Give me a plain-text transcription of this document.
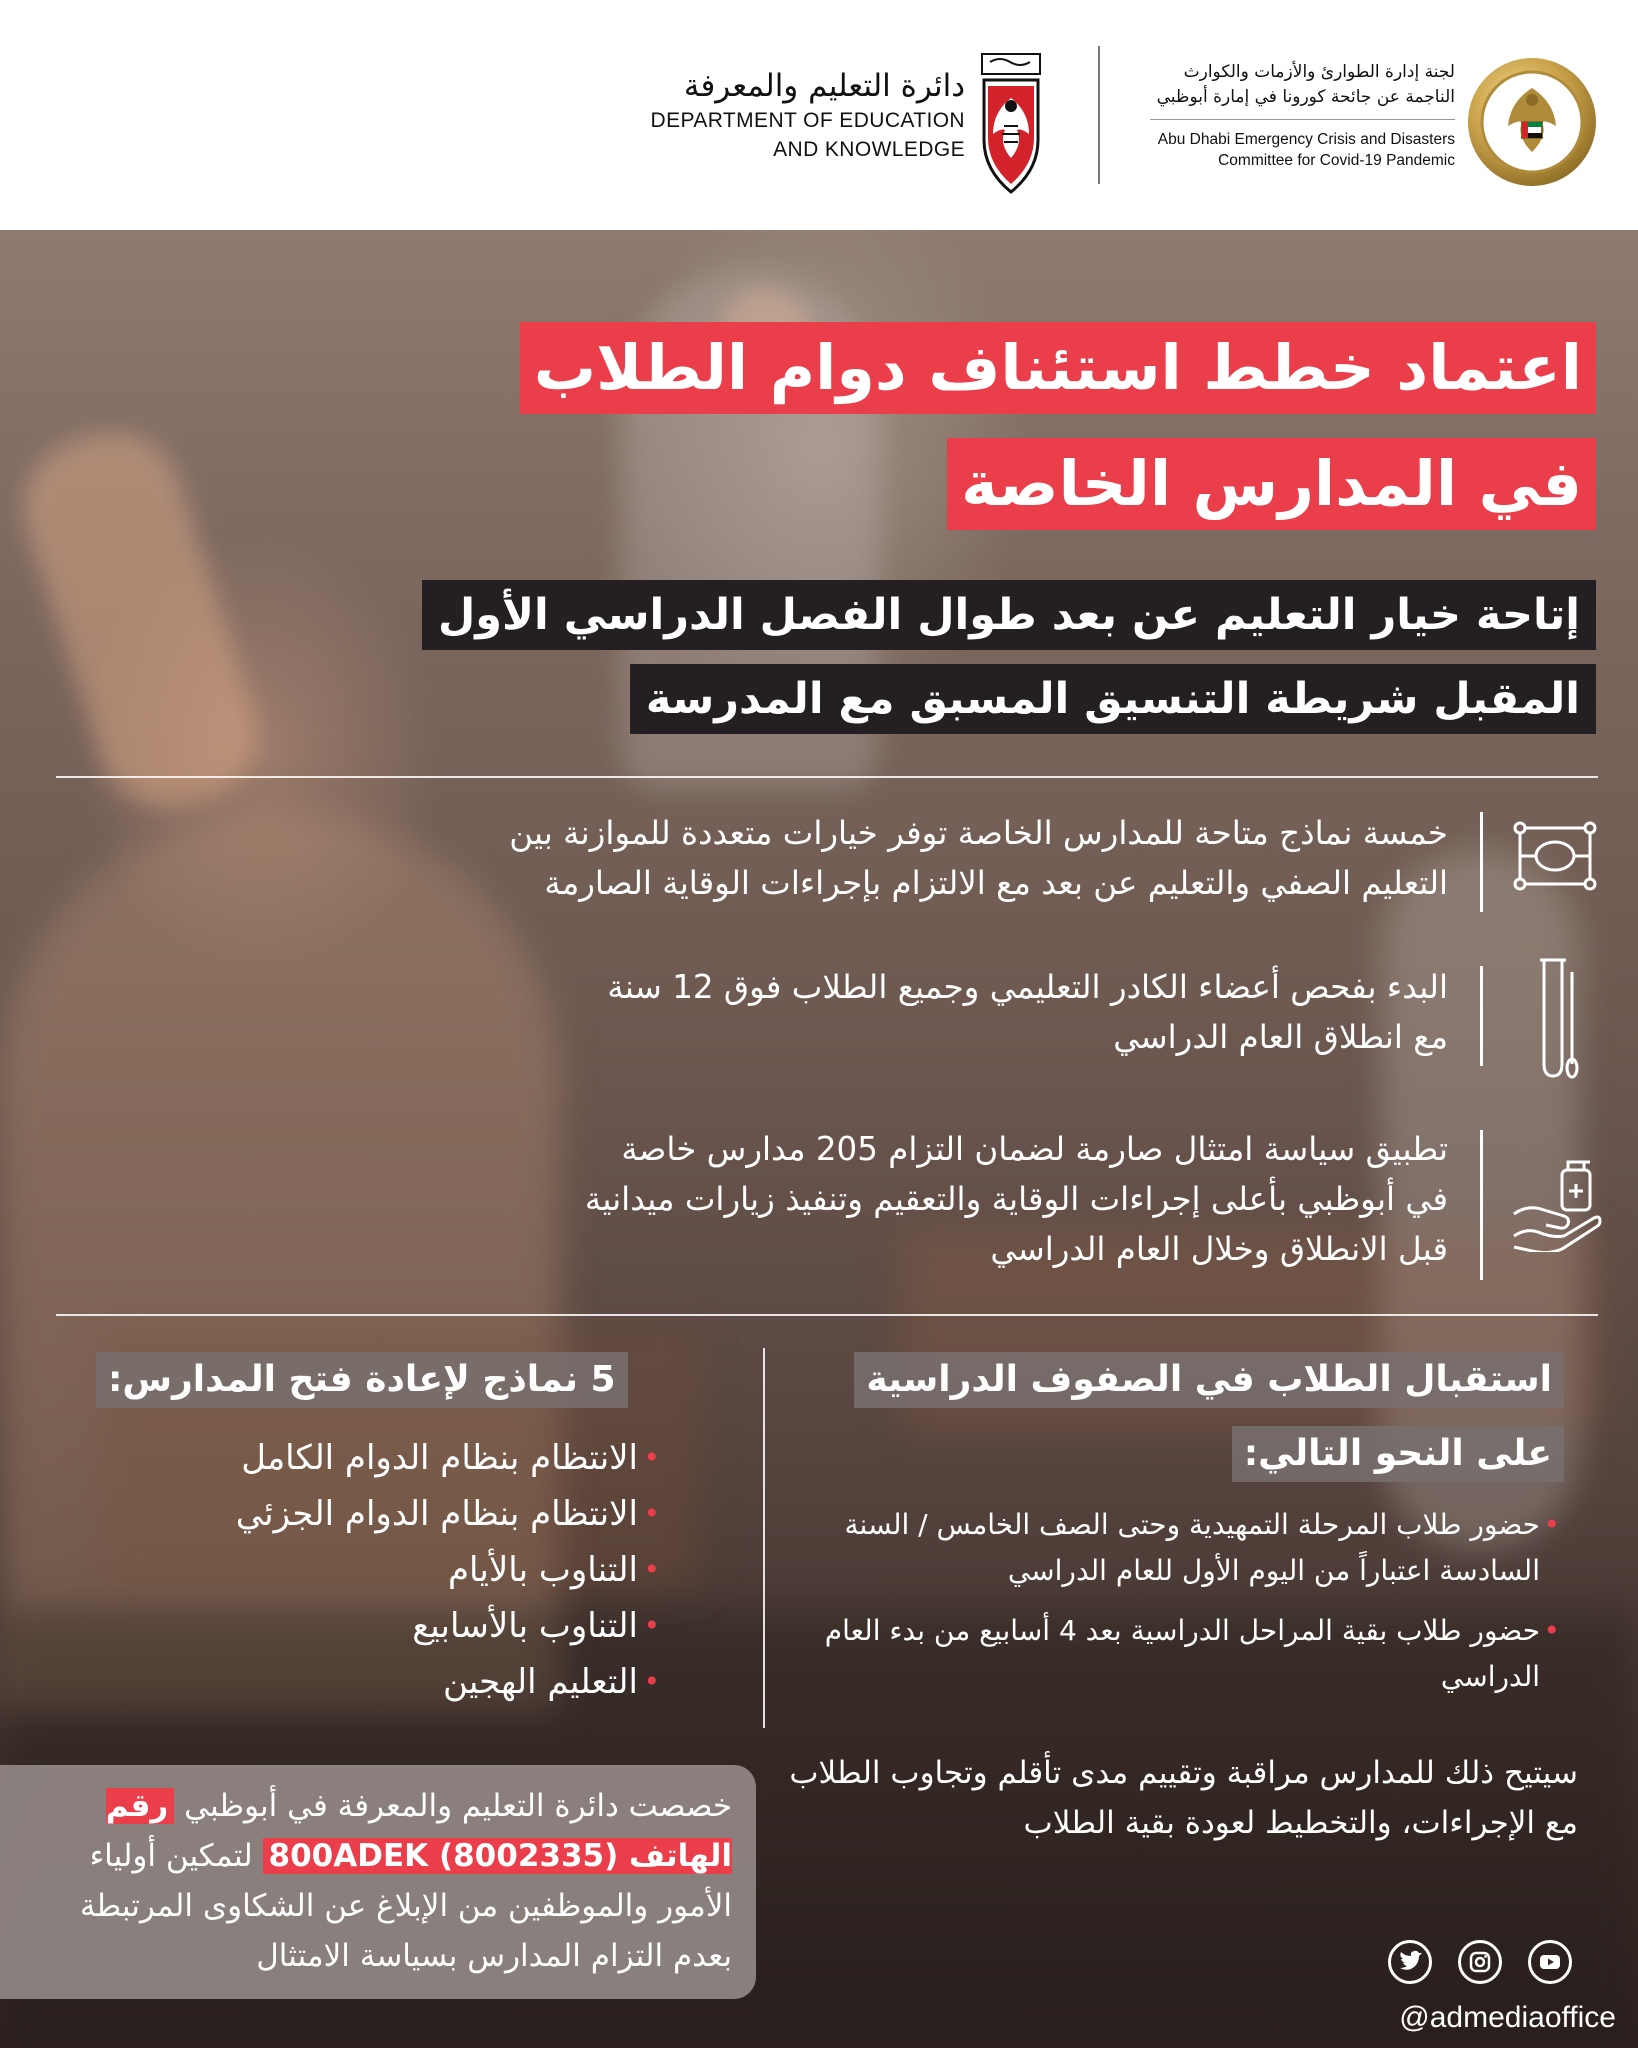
دائرة التعليم والمعرفة
DEPARTMENT OF EDUCATION
AND KNOWLEDGE
لجنة إدارة الطوارئ والأزمات والكوارث
الناجمة عن جائحة كورونا في إمارة أبوظبي
Abu Dhabi Emergency Crisis and Disasters
Committee for Covid-19 Pandemic
اعتماد خطط استئناف دوام الطلاب
في المدارس الخاصة
إتاحة خيار التعليم عن بعد طوال الفصل الدراسي الأول
المقبل شريطة التنسيق المسبق مع المدرسة
خمسة نماذج متاحة للمدارس الخاصة توفر خيارات متعددة للموازنة بين
التعليم الصفي والتعليم عن بعد مع الالتزام بإجراءات الوقاية الصارمة
البدء بفحص أعضاء الكادر التعليمي وجميع الطلاب فوق 12 سنة
مع انطلاق العام الدراسي
تطبيق سياسة امتثال صارمة لضمان التزام 205 مدارس خاصة
في أبوظبي بأعلى إجراءات الوقاية والتعقيم وتنفيذ زيارات ميدانية
قبل الانطلاق وخلال العام الدراسي
استقبال الطلاب في الصفوف الدراسية
على النحو التالي:
• حضور طلاب المرحلة التمهيدية وحتى الصف الخامس / السنة السادسة اعتباراً من اليوم الأول للعام الدراسي
• حضور طلاب بقية المراحل الدراسية بعد 4 أسابيع من بدء العام الدراسي
سيتيح ذلك للمدارس مراقبة وتقييم مدى تأقلم وتجاوب الطلاب مع الإجراءات، والتخطيط لعودة بقية الطلاب
5 نماذج لإعادة فتح المدارس:
• الانتظام بنظام الدوام الكامل
• الانتظام بنظام الدوام الجزئي
• التناوب بالأيام
• التناوب بالأسابيع
• التعليم الهجين
خصصت دائرة التعليم والمعرفة في أبوظبي رقم الهاتف 800ADEK (8002335) لتمكين أولياء الأمور والموظفين من الإبلاغ عن الشكاوى المرتبطة بعدم التزام المدارس بسياسة الامتثال
@admediaoffice
